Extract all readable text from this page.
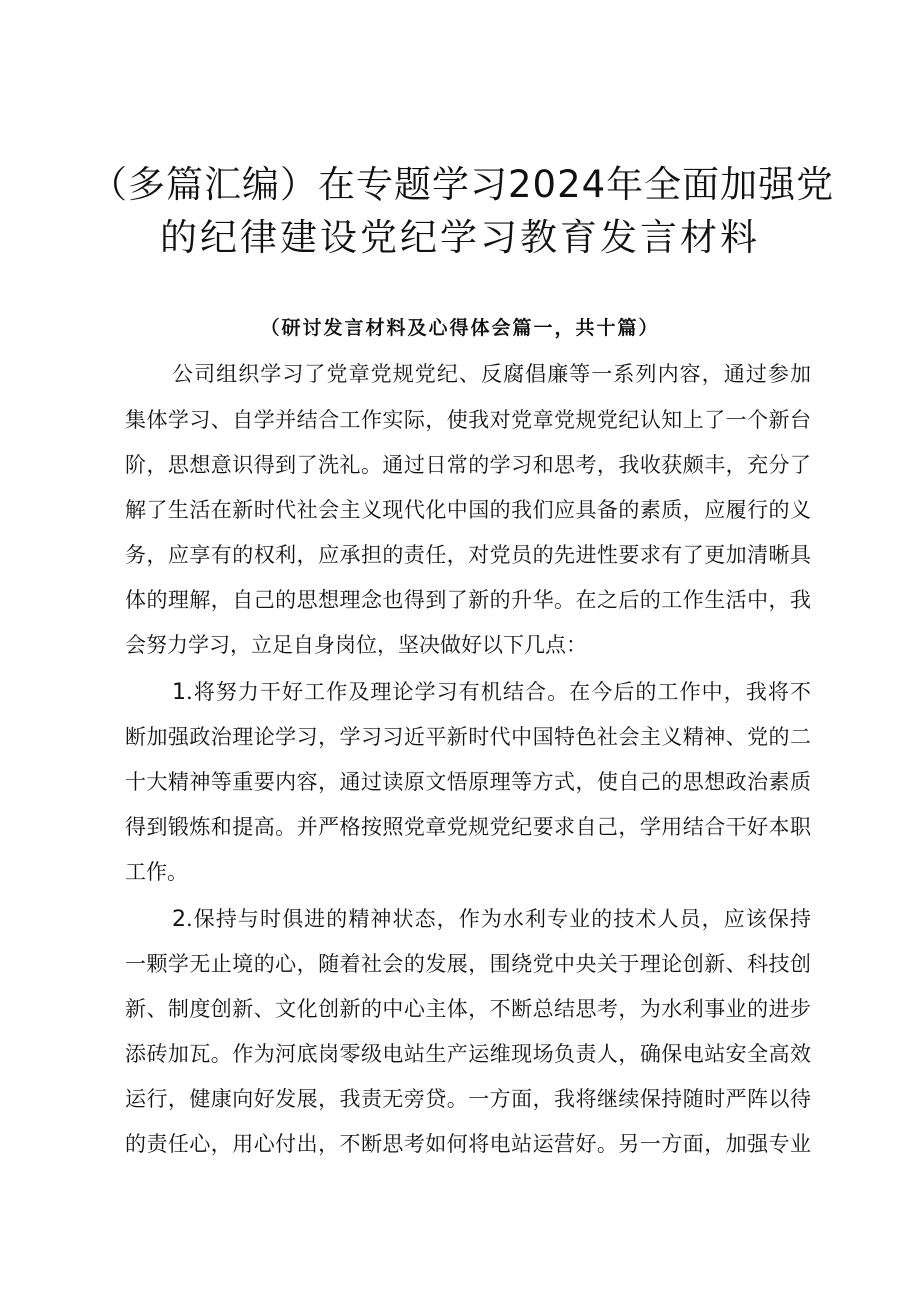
（多篇汇编）在专题学习2024年全面加强党
的纪律建设党纪学习教育发言材料
（研讨发言材料及心得体会篇一，共十篇）
公司组织学习了党章党规党纪、反腐倡廉等一系列内容，通过参加
集体学习、自学并结合工作实际，使我对党章党规党纪认知上了一个新台
阶，思想意识得到了洗礼。通过日常的学习和思考，我收获颇丰，充分了
解了生活在新时代社会主义现代化中国的我们应具备的素质，应履行的义
务，应享有的权利，应承担的责任，对党员的先进性要求有了更加清晰具
体的理解，自己的思想理念也得到了新的升华。在之后的工作生活中，我
会努力学习，立足自身岗位，坚决做好以下几点：
1.将努力干好工作及理论学习有机结合。在今后的工作中，我将不
断加强政治理论学习，学习习近平新时代中国特色社会主义精神、党的二
十大精神等重要内容，通过读原文悟原理等方式，使自己的思想政治素质
得到锻炼和提高。并严格按照党章党规党纪要求自己，学用结合干好本职
工作。
2.保持与时俱进的精神状态，作为水利专业的技术人员，应该保持
一颗学无止境的心，随着社会的发展，围绕党中央关于理论创新、科技创
新、制度创新、文化创新的中心主体，不断总结思考，为水利事业的进步
添砖加瓦。作为河底岗零级电站生产运维现场负责人，确保电站安全高效
运行，健康向好发展，我责无旁贷。一方面，我将继续保持随时严阵以待
的责任心，用心付出，不断思考如何将电站运营好。另一方面，加强专业
